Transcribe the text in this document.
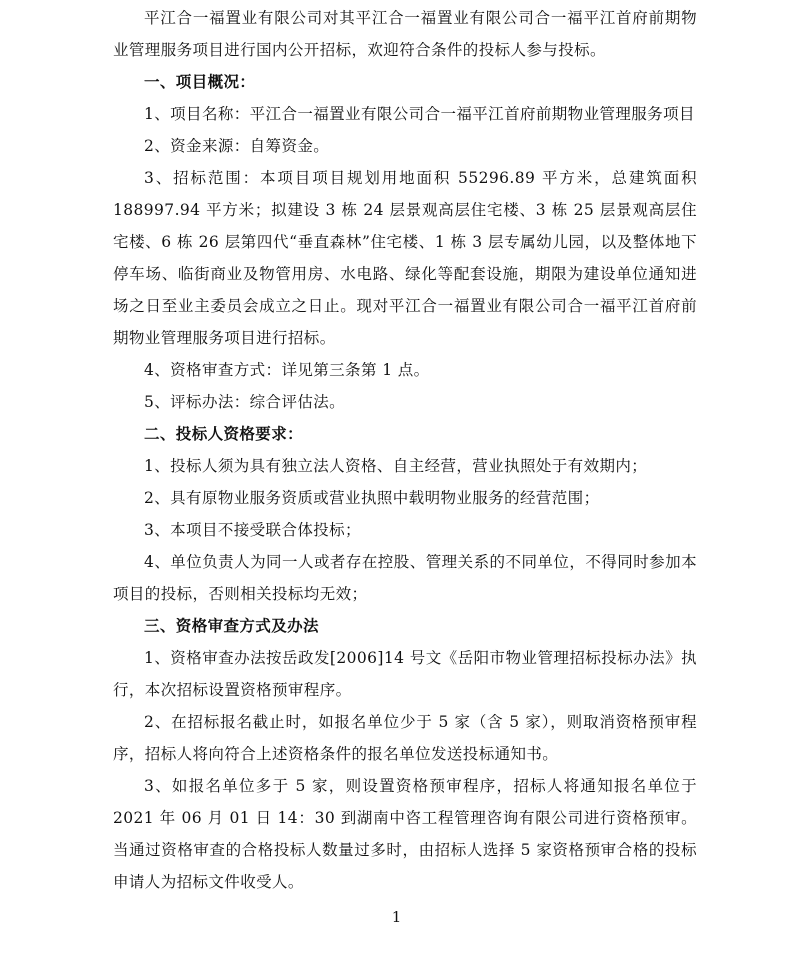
平江合一福置业有限公司对其平江合一福置业有限公司合一福平江首府前期物业管理服务项目进行国内公开招标，欢迎符合条件的投标人参与投标。

一、项目概况：

1、项目名称：平江合一福置业有限公司合一福平江首府前期物业管理服务项目

2、资金来源：自筹资金。

3、招标范围：本项目项目规划用地面积 55296.89 平方米，总建筑面积 188997.94 平方米；拟建设 3 栋 24 层景观高层住宅楼、3 栋 25 层景观高层住宅楼、6 栋 26 层第四代“垂直森林”住宅楼、1 栋 3 层专属幼儿园，以及整体地下停车场、临街商业及物管用房、水电路、绿化等配套设施，期限为建设单位通知进场之日至业主委员会成立之日止。现对平江合一福置业有限公司合一福平江首府前期物业管理服务项目进行招标。

4、资格审查方式：详见第三条第 1 点。

5、评标办法：综合评估法。

二、投标人资格要求：

1、投标人须为具有独立法人资格、自主经营，营业执照处于有效期内；

2、具有原物业服务资质或营业执照中载明物业服务的经营范围；

3、本项目不接受联合体投标；

4、单位负责人为同一人或者存在控股、管理关系的不同单位，不得同时参加本项目的投标，否则相关投标均无效；

三、资格审查方式及办法

1、资格审查办法按岳政发[2006]14 号文《岳阳市物业管理招标投标办法》执行，本次招标设置资格预审程序。

2、在招标报名截止时，如报名单位少于 5 家（含 5 家），则取消资格预审程序，招标人将向符合上述资格条件的报名单位发送投标通知书。

3、如报名单位多于 5 家，则设置资格预审程序，招标人将通知报名单位于 2021 年 06 月 01 日 14：30 到湖南中咨工程管理咨询有限公司进行资格预审。当通过资格审查的合格投标人数量过多时，由招标人选择 5 家资格预审合格的投标申请人为招标文件收受人。

1
